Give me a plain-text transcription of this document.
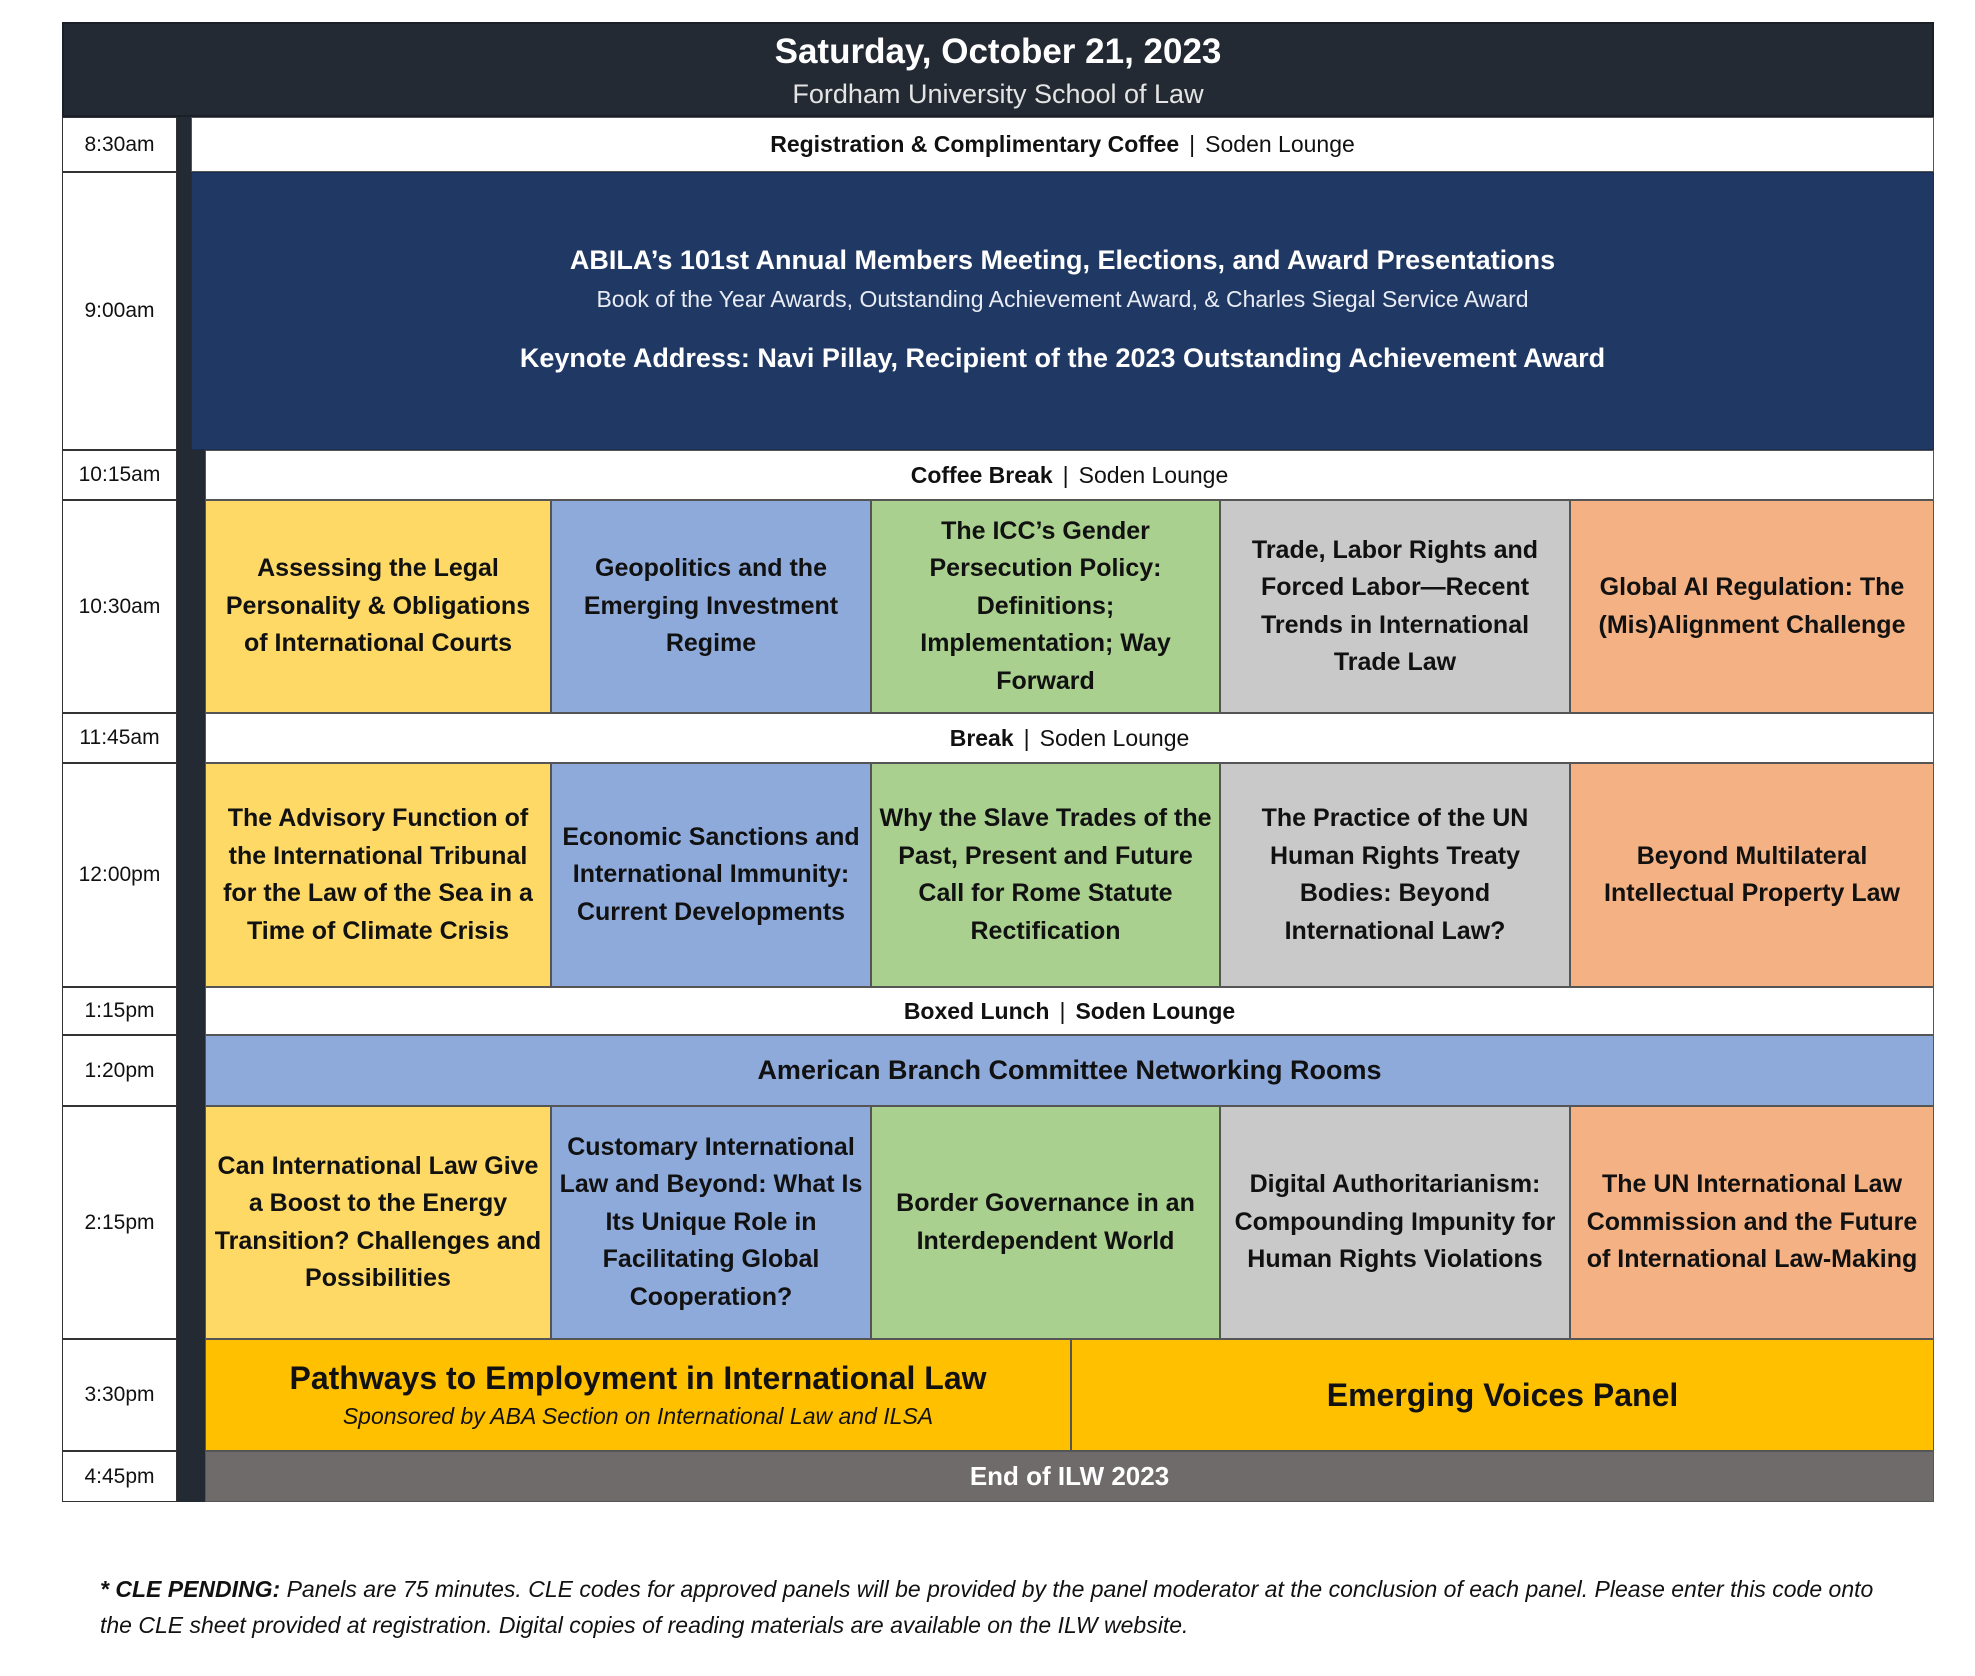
Saturday, October 21, 2023
Fordham University School of Law
8:30am
9:00am
10:15am
10:30am
11:45am
12:00pm
1:15pm
1:20pm
2:15pm
3:30pm
4:45pm
Registration & Complimentary Coffee | Soden Lounge
ABILA’s 101st Annual Members Meeting, Elections, and Award Presentations
Book of the Year Awards, Outstanding Achievement Award, & Charles Siegal Service Award
Keynote Address: Navi Pillay, Recipient of the 2023 Outstanding Achievement Award
Coffee Break | Soden Lounge
Assessing the Legal Personality & Obligations of International Courts
Geopolitics and the Emerging Investment Regime
The ICC’s Gender Persecution Policy: Definitions; Implementation; Way Forward
Trade, Labor Rights and Forced Labor—Recent Trends in International Trade Law
Global AI Regulation: The (Mis)Alignment Challenge
Break | Soden Lounge
The Advisory Function of the International Tribunal for the Law of the Sea in a Time of Climate Crisis
Economic Sanctions and International Immunity: Current Developments
Why the Slave Trades of the Past, Present and Future Call for Rome Statute Rectification
The Practice of the UN Human Rights Treaty Bodies: Beyond International Law?
Beyond Multilateral Intellectual Property Law
Boxed Lunch | Soden Lounge
American Branch Committee Networking Rooms
Can International Law Give a Boost to the Energy Transition? Challenges and Possibilities
Customary International Law and Beyond: What Is Its Unique Role in Facilitating Global Cooperation?
Border Governance in an Interdependent World
Digital Authoritarianism: Compounding Impunity for Human Rights Violations
The UN International Law Commission and the Future of International Law-Making
Pathways to Employment in International Law
Sponsored by ABA Section on International Law and ILSA
Emerging Voices Panel
End of ILW 2023
* CLE PENDING: Panels are 75 minutes. CLE codes for approved panels will be provided by the panel moderator at the conclusion of each panel. Please enter this code onto the CLE sheet provided at registration. Digital copies of reading materials are available on the ILW website.
